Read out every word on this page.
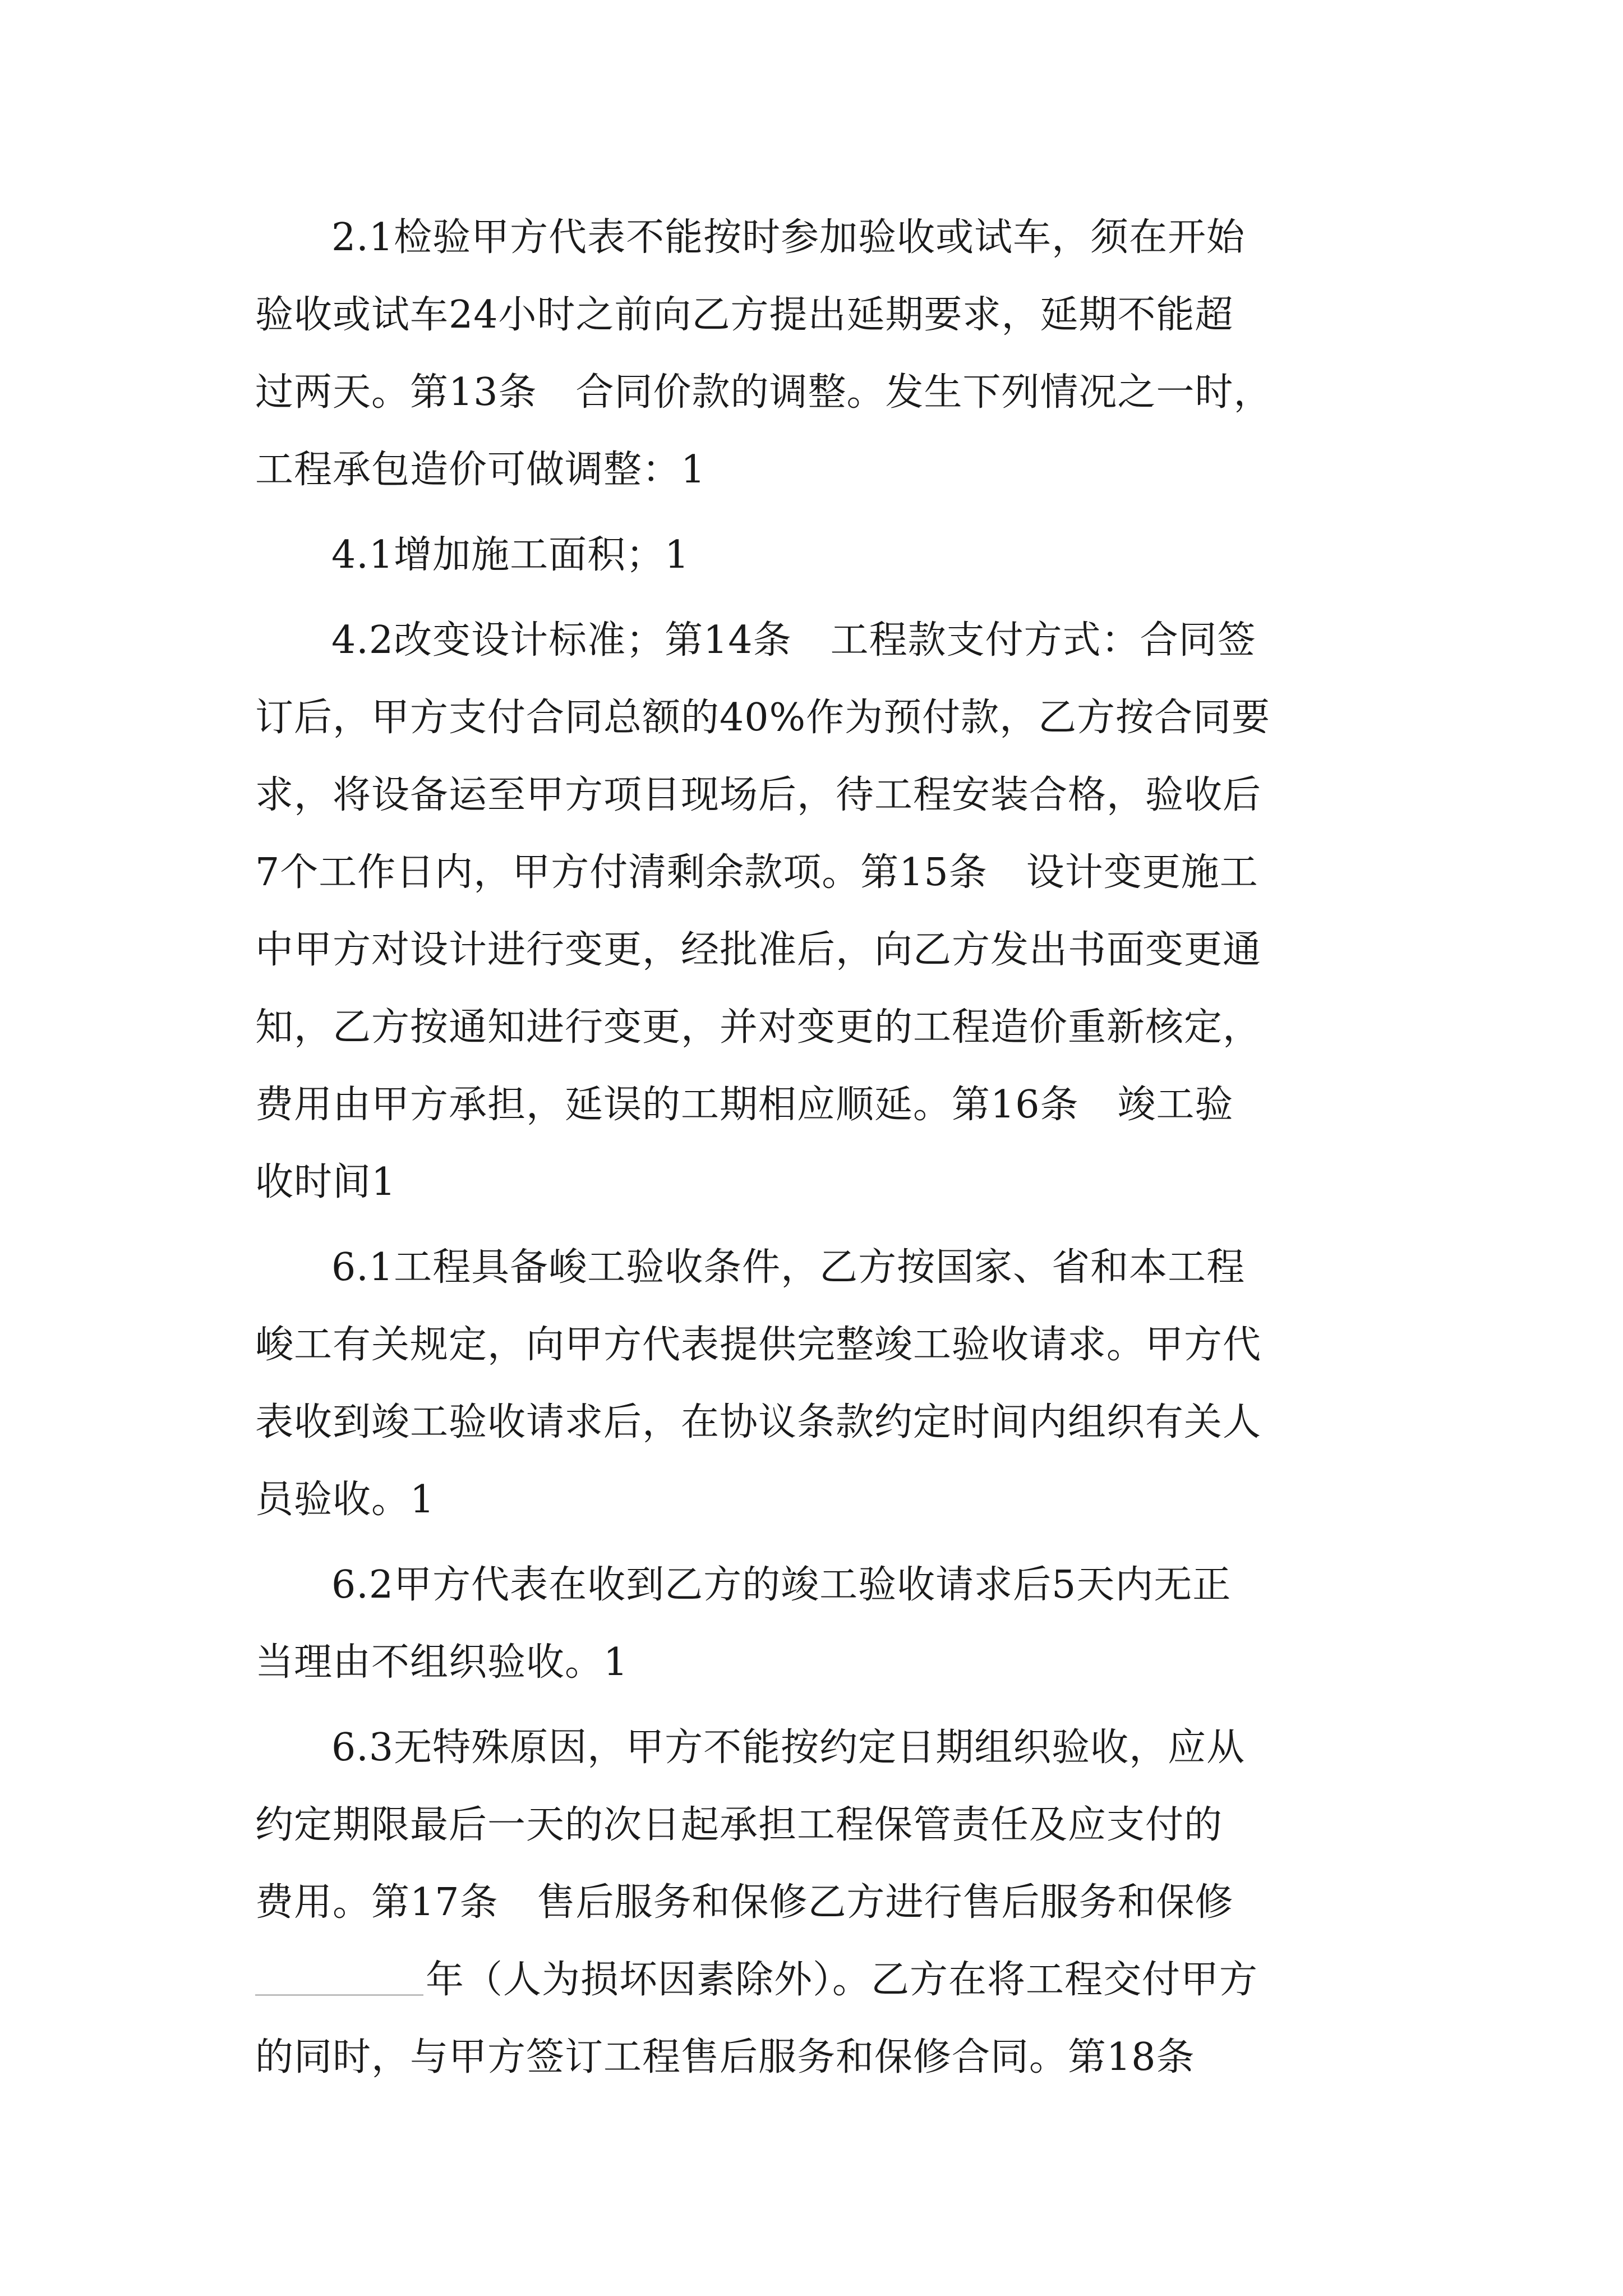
2.1检验甲方代表不能按时参加验收或试车，须在开始
验收或试车24小时之前向乙方提出延期要求，延期不能超
过两天。第13条　合同价款的调整。发生下列情况之一时，
工程承包造价可做调整：1
4.1增加施工面积；1
4.2改变设计标准；第14条　工程款支付方式：合同签
订后，甲方支付合同总额的40%作为预付款，乙方按合同要
求，将设备运至甲方项目现场后，待工程安装合格，验收后
7个工作日内，甲方付清剩余款项。第15条　设计变更施工
中甲方对设计进行变更，经批准后，向乙方发出书面变更通
知，乙方按通知进行变更，并对变更的工程造价重新核定，
费用由甲方承担，延误的工期相应顺延。第16条　竣工验
收时间1
6.1工程具备峻工验收条件，乙方按国家、省和本工程
峻工有关规定，向甲方代表提供完整竣工验收请求。甲方代
表收到竣工验收请求后，在协议条款约定时间内组织有关人
员验收。1
6.2甲方代表在收到乙方的竣工验收请求后5天内无正
当理由不组织验收。1
6.3无特殊原因，甲方不能按约定日期组织验收，应从
约定期限最后一天的次日起承担工程保管责任及应支付的
费用。第17条　售后服务和保修乙方进行售后服务和保修
年（人为损坏因素除外）。乙方在将工程交付甲方
的同时，与甲方签订工程售后服务和保修合同。第18条
